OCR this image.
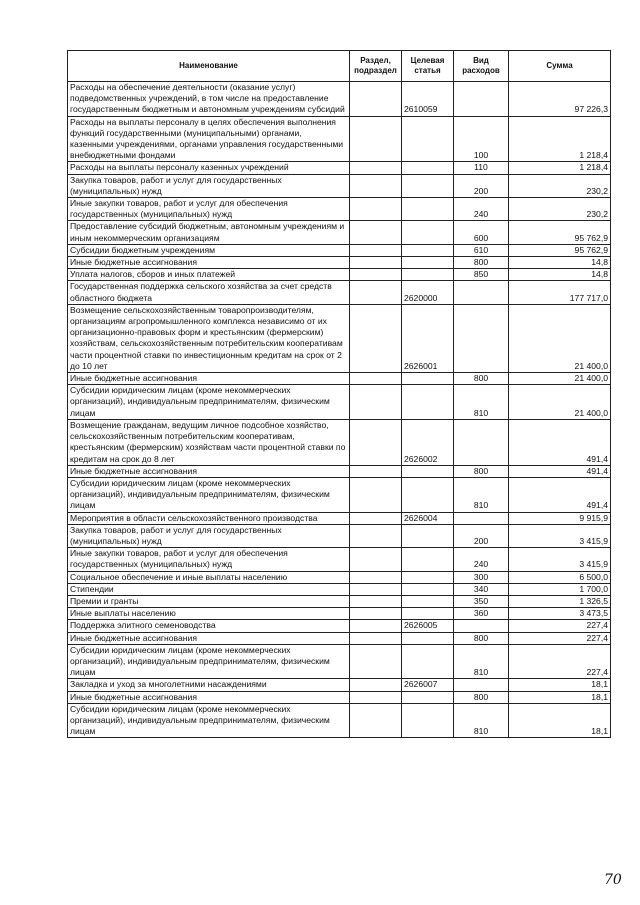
Наименование	Раздел, подраздел	Целевая статья	Вид расходов	Сумма
Расходы на обеспечение деятельности (оказание услуг) подведомственных учреждений, в том числе на предоставление государственным бюджетным и автономным учреждениям субсидий		2610059		97 226,3
Расходы на выплаты персоналу в целях обеспечения выполнения функций государственными (муниципальными) органами, казенными учреждениями, органами управления государственными внебюджетными фондами			100	1 218,4
Расходы на выплаты персоналу казенных учреждений			110	1 218,4
Закупка товаров, работ и услуг для государственных (муниципальных) нужд			200	230,2
Иные закупки товаров, работ и услуг для обеспечения государственных (муниципальных) нужд			240	230,2
Предоставление субсидий бюджетным, автономным учреждениям и иным некоммерческим организациям			600	95 762,9
Субсидии бюджетным учреждениям			610	95 762,9
Иные бюджетные ассигнования			800	14,8
Уплата налогов, сборов и иных платежей			850	14,8
Государственная поддержка сельского хозяйства за счет средств областного бюджета		2620000		177 717,0
Возмещение сельскохозяйственным товаропроизводителям, организациям агропромышленного комплекса независимо от их организационно-правовых форм и крестьянским (фермерским) хозяйствам, сельскохозяйственным потребительским кооперативам части процентной ставки по инвестиционным кредитам на срок от 2 до 10 лет		2626001		21 400,0
Иные бюджетные ассигнования			800	21 400,0
Субсидии юридическим лицам (кроме некоммерческих организаций), индивидуальным предпринимателям, физическим лицам			810	21 400,0
Возмещение гражданам, ведущим личное подсобное хозяйство, сельскохозяйственным потребительским кооперативам, крестьянским (фермерским) хозяйствам части процентной ставки по кредитам на срок до 8 лет		2626002		491,4
Иные бюджетные ассигнования			800	491,4
Субсидии юридическим лицам (кроме некоммерческих организаций), индивидуальным предпринимателям, физическим лицам			810	491,4
Мероприятия в области сельскохозяйственного производства		2626004		9 915,9
Закупка товаров, работ и услуг для государственных (муниципальных) нужд			200	3 415,9
Иные закупки товаров, работ и услуг для обеспечения государственных (муниципальных) нужд			240	3 415,9
Социальное обеспечение и иные выплаты населению			300	6 500,0
Стипендии			340	1 700,0
Премии и гранты			350	1 326,5
Иные выплаты населению			360	3 473,5
Поддержка элитного семеноводства		2626005		227,4
Иные бюджетные ассигнования			800	227,4
Субсидии юридическим лицам (кроме некоммерческих организаций), индивидуальным предпринимателям, физическим лицам			810	227,4
Закладка и уход за многолетними насаждениями		2626007		18,1
Иные бюджетные ассигнования			800	18,1
Субсидии юридическим лицам (кроме некоммерческих организаций), индивидуальным предпринимателям, физическим лицам			810	18,1
70
